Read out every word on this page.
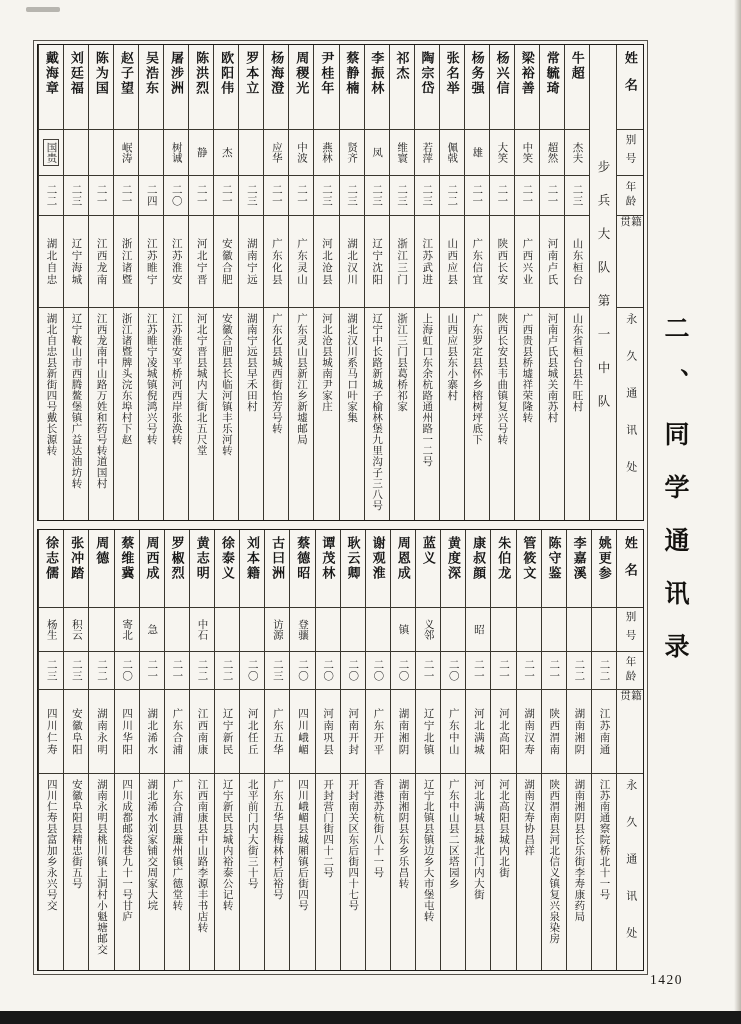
姓名
别号
年龄
籍贯
永久通讯处
步兵大队第一中队
牛超
杰夫
二三
山东桓台
山东省桓台县牛旺村
常毓琦
超然
二一
河南卢氏
河南卢氏县城关南苏村
梁裕善
中笑
二一
广西兴业
广西贵县桥墟祥荣隆转
杨兴信
大笑
二一
陕西长安
陕西长安县韦曲镇复兴号转
杨务强
雄
二一
广东信宜
广东罗定县怀乡榕树坪底下
张名举
佩戟
二二
山西应县
山西应县东小寨村
陶宗岱
若萍
二三
江苏武进
上海虹口东余杭路通州路一二号
祁杰
维寰
二三
浙江三门
浙江三门县葛桥祁家
李振林
凤
二三
辽宁沈阳
辽宁中长路新城子榆林堡九里沟子三八号
蔡静楠
贤齐
二三
湖北汉川
湖北汉川系马口叶家集
尹桂年
燕林
二三
河北沧县
河北沧县城南尹家庄
周稷光
中波
二一
广东灵山
广东灵山县新江乡新墟邮局
杨海澄
应华
二一
广东化县
广东化县城西街怡芳号转
罗本立
二三
湖南宁远
湖南宁远县早禾田村
欧阳伟
杰
二一
安徽合肥
安徽合肥县长临河镇丰乐河转
陈洪烈
静
二一
河北宁晋
河北宁晋县城内大街北五尺堂
屠涉洲
树诚
二〇
江苏淮安
江苏淮安平桥河西岸张涣转
吴浩东
二四
江苏睢宁
江苏睢宁凌城镇倪鸿兴号转
赵子望
岷涛
二一
浙江诸暨
浙江诸暨牌头浣东埠村下赵
陈为国
二一
江西龙南
江西龙南中山路万姓和药号转道国村
刘廷福
二三
辽宁海城
辽宁鞍山市西腾鳌堡镇广益达油坊转
戴海章
国贵
二二
湖北自忠
湖北自忠县新街四号戴长源转
姓名
别号
年龄
籍贯
永久通讯处
姚更参
二二
江苏南通
江苏南通察院桥北十一号
李嘉溪
二二
湖南湘阴
湖南湘阴县长乐街李寿康药局
陈守鉴
二一
陕西渭南
陕西渭南县河北信义镇复兴泉染房
管筱文
二一
湖南汉寿
湖南汉寿协昌祥
朱伯龙
二一
河北高阳
河北高阳县城内北街
康叔顔
昭
二一
河北满城
河北满城县城北门内大街
黄度深
二〇
广东中山
广东中山县二区塔园乡
蓝义
义邻
二一
辽宁北镇
辽宁北镇县镇边乡大市堡屯转
周恩成
镇
二〇
湖南湘阴
湖南湘阴县东乡乐昌转
谢观淮
二〇
广东开平
香港苏杭街八十一号
耿云卿
二〇
河南开封
开封南关区东后街四十七号
谭茂林
二〇
河南巩县
开封营门街四十二号
蔡德昭
登骧
二〇
四川峨嵋
四川峨嵋县城厢镇后街四号
古曰洲
访源
二三
广东五华
广东五华县梅林村后裕号
刘本籍
二〇
河北任丘
北平前门内大街三十号
徐泰义
二二
辽宁新民
辽宁新民县城内裕泰公记转
黄志明
中石
二二
江西南康
江西南康县中山路李源丰书店转
罗椒烈
二一
广东合浦
广东合浦县廉州镇广德堂转
周西成
急
二一
湖北浠水
湖北浠水刘家铺交周家大垸
蔡维冀
寄北
二〇
四川华阳
四川成都邮袋巷九十一号甘庐
周德
二二
湖南永明
湖南永明县桃川镇上洞村小魁塘邮交
张冲踏
积云
二三
安徽阜阳
安徽阜阳县精忠街五号
徐志儒
杨生
二三
四川仁寿
四川仁寿县富加乡永兴号交
二、同学通讯录
1420
